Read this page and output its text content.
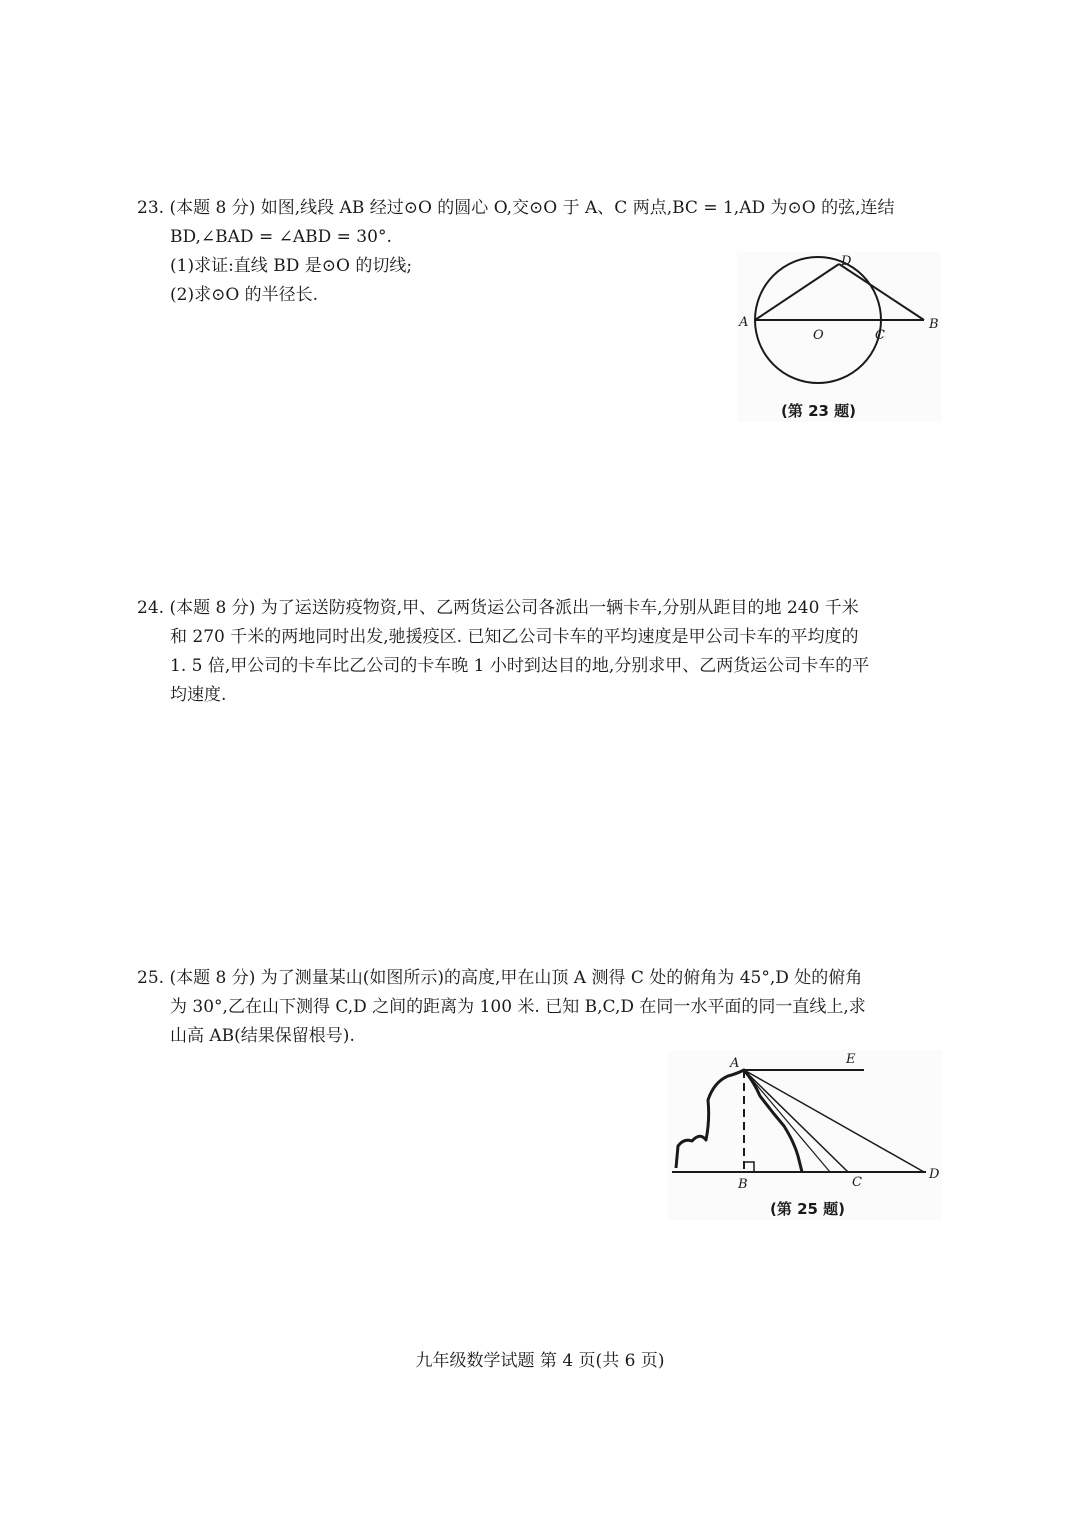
23. (本题 8 分) 如图,线段 AB 经过⊙O 的圆心 O,交⊙O 于 A、C 两点,BC = 1,AD 为⊙O 的弦,连结

BD,∠BAD = ∠ABD = 30°.

(1)求证:直线 BD 是⊙O 的切线;

(2)求⊙O 的半径长.

A
D
O	C
B
(第 23 题)

24. (本题 8 分) 为了运送防疫物资,甲、乙两货运公司各派出一辆卡车,分别从距目的地 240 千米

和 270 千米的两地同时出发,驰援疫区. 已知乙公司卡车的平均速度是甲公司卡车的平均度的

1. 5 倍,甲公司的卡车比乙公司的卡车晚 1 小时到达目的地,分别求甲、乙两货运公司卡车的平

均速度.

25. (本题 8 分) 为了测量某山(如图所示)的高度,甲在山顶 A 测得 C 处的俯角为 45°,D 处的俯角

为 30°,乙在山下测得 C,D 之间的距离为 100 米. 已知 B,C,D 在同一水平面的同一直线上,求

山高 AB(结果保留根号).

A	E
B	C
D
(第 25 题)
九年级数学试题 第 4 页(共 6 页)
